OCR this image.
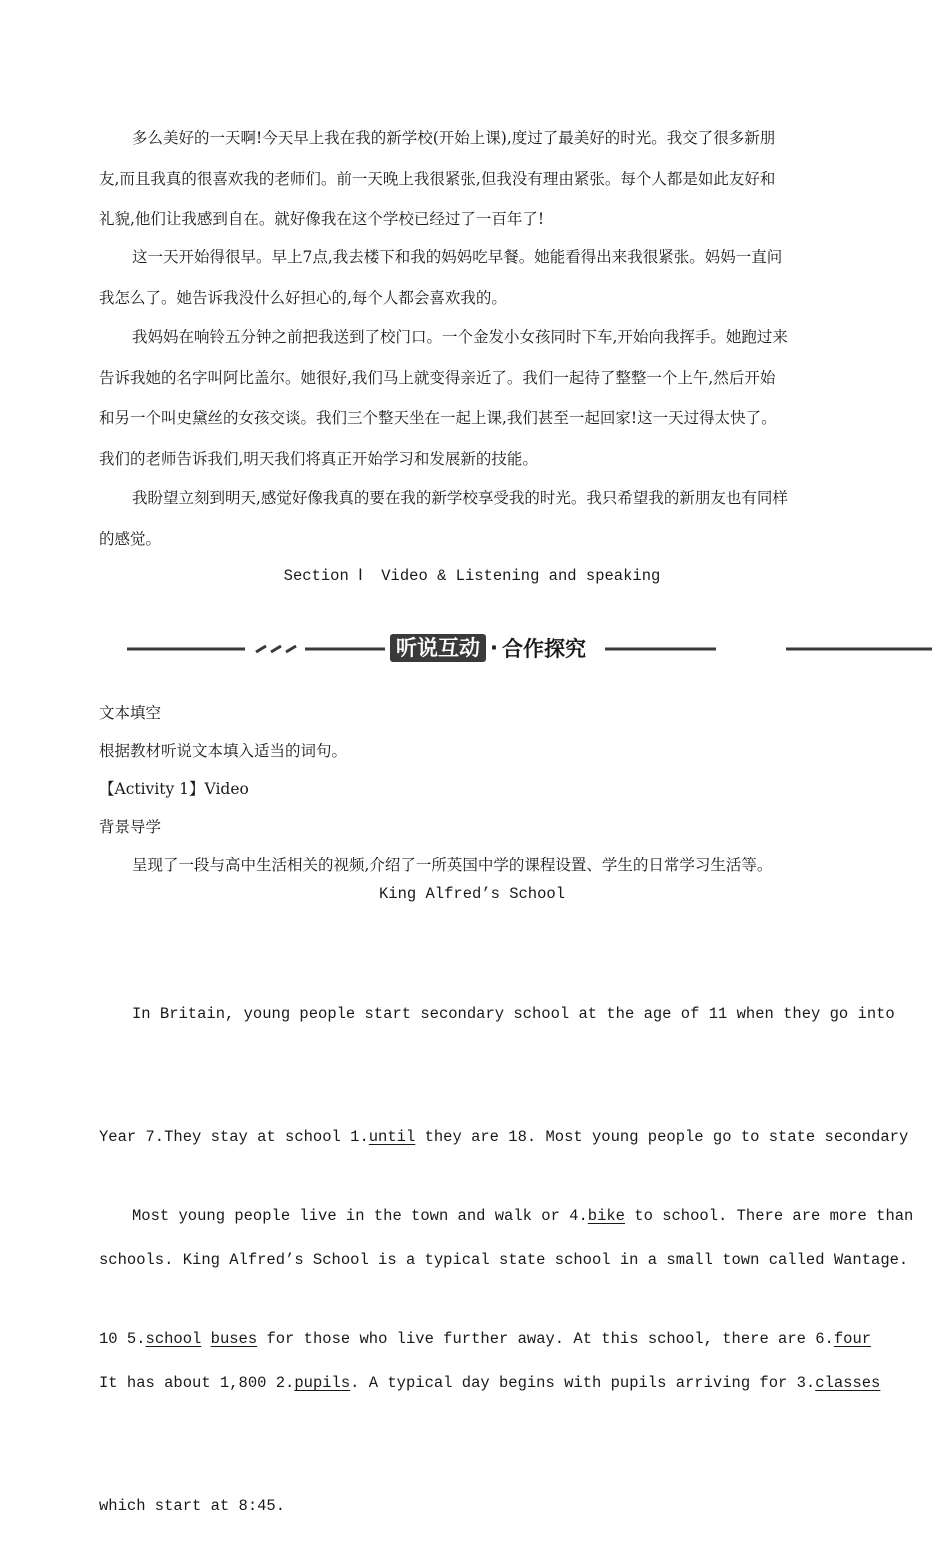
多么美好的一天啊!今天早上我在我的新学校(开始上课),度过了最美好的时光。我交了很多新朋
友,而且我真的很喜欢我的老师们。前一天晚上我很紧张,但我没有理由紧张。每个人都是如此友好和
礼貌,他们让我感到自在。就好像我在这个学校已经过了一百年了!
这一天开始得很早。早上7点,我去楼下和我的妈妈吃早餐。她能看得出来我很紧张。妈妈一直问
我怎么了。她告诉我没什么好担心的,每个人都会喜欢我的。
我妈妈在响铃五分钟之前把我送到了校门口。一个金发小女孩同时下车,开始向我挥手。她跑过来
告诉我她的名字叫阿比盖尔。她很好,我们马上就变得亲近了。我们一起待了整整一个上午,然后开始
和另一个叫史黛丝的女孩交谈。我们三个整天坐在一起上课,我们甚至一起回家!这一天过得太快了。
我们的老师告诉我们,明天我们将真正开始学习和发展新的技能。
我盼望立刻到明天,感觉好像我真的要在我的新学校享受我的时光。我只希望我的新朋友也有同样
的感觉。
Section Ⅰ  Video & Listening and speaking
听说互动 · 合作探究
文本填空
根据教材听说文本填入适当的词句。
【Activity 1】Video
背景导学
呈现了一段与高中生活相关的视频,介绍了一所英国中学的课程设置、学生的日常学习生活等。
King Alfred’s School

In Britain, young people start secondary school at the age of 11 when they go into

Year 7.They stay at school 1.until they are 18. Most young people go to state secondary

schools. King Alfred’s School is a typical state school in a small town called Wantage.

It has about 1,800 2.pupils. A typical day begins with pupils arriving for 3.classes

which start at 8:45.

Most young people live in the town and walk or 4.bike to school. There are more than

10 5.school buses for those who live further away. At this school, there are 6.four
